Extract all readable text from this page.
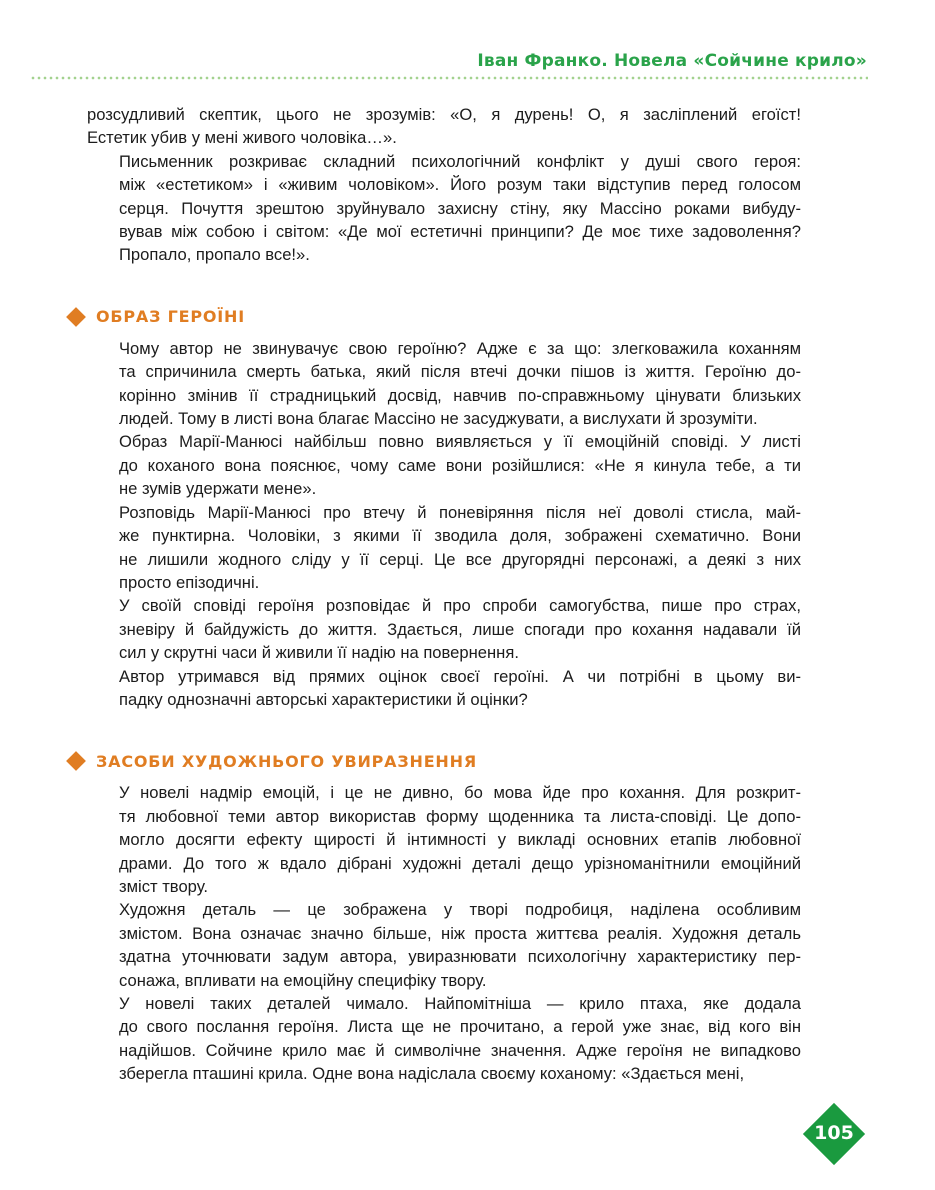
Іван Франко. Новела «Сойчине крило»
розсудливий скептик, цього не зрозумів: «О, я дурень! О, я засліплений егоїст!
Естетик убив у мені живого чоловіка…».
Письменник розкриває складний психологічний конфлікт у душі свого героя:
між «естетиком» і «живим чоловіком». Його розум таки відступив перед голосом
серця. Почуття зрештою зруйнувало захисну стіну, яку Массіно роками вибуду-
вував між собою і світом: «Де мої естетичні принципи? Де моє тихе задоволення?
Пропало, пропало все!».
ОБРАЗ ГЕРОЇНІ
Чому автор не звинувачує свою героїню? Адже є за що: злегковажила коханням
та спричинила смерть батька, який після втечі дочки пішов із життя. Героїню до-
корінно змінив її страдницький досвід, навчив по-справжньому цінувати близьких
людей. Тому в листі вона благає Массіно не засуджувати, а вислухати й зрозуміти.
Образ Марії-Манюсі найбільш повно виявляється у її емоційній сповіді. У листі
до коханого вона пояснює, чому саме вони розійшлися: «Не я кинула тебе, а ти
не зумів удержати мене».
Розповідь Марії-Манюсі про втечу й поневіряння після неї доволі стисла, май-
же пунктирна. Чоловіки, з якими її зводила доля, зображені схематично. Вони
не лишили жодного сліду у її серці. Це все другорядні персонажі, а деякі з них
просто епізодичні.
У своїй сповіді героїня розповідає й про спроби самогубства, пише про страх,
зневіру й байдужість до життя. Здається, лише спогади про кохання надавали їй
сил у скрутні часи й живили її надію на повернення.
Автор утримався від прямих оцінок своєї героїні. А чи потрібні в цьому ви-
падку однозначні авторські характеристики й оцінки?
ЗАСОБИ ХУДОЖНЬОГО УВИРАЗНЕННЯ
У новелі надмір емоцій, і це не дивно, бо мова йде про кохання. Для розкрит-
тя любовної теми автор використав форму щоденника та листа-сповіді. Це допо-
могло досягти ефекту щирості й інтимності у викладі основних етапів любовної
драми. До того ж вдало дібрані художні деталі дещо урізноманітнили емоційний
зміст твору.
Художня деталь — це зображена у творі подробиця, наділена особливим
змістом. Вона означає значно більше, ніж проста життєва реалія. Художня деталь
здатна уточнювати задум автора, увиразнювати психологічну характеристику пер-
сонажа, впливати на емоційну специфіку твору.
У новелі таких деталей чимало. Найпомітніша — крило птаха, яке додала
до свого послання героїня. Листа ще не прочитано, а герой уже знає, від кого він
надійшов. Сойчине крило має й символічне значення. Адже героїня не випадково
зберегла пташині крила. Одне вона надіслала своєму коханому: «Здається мені,
105
